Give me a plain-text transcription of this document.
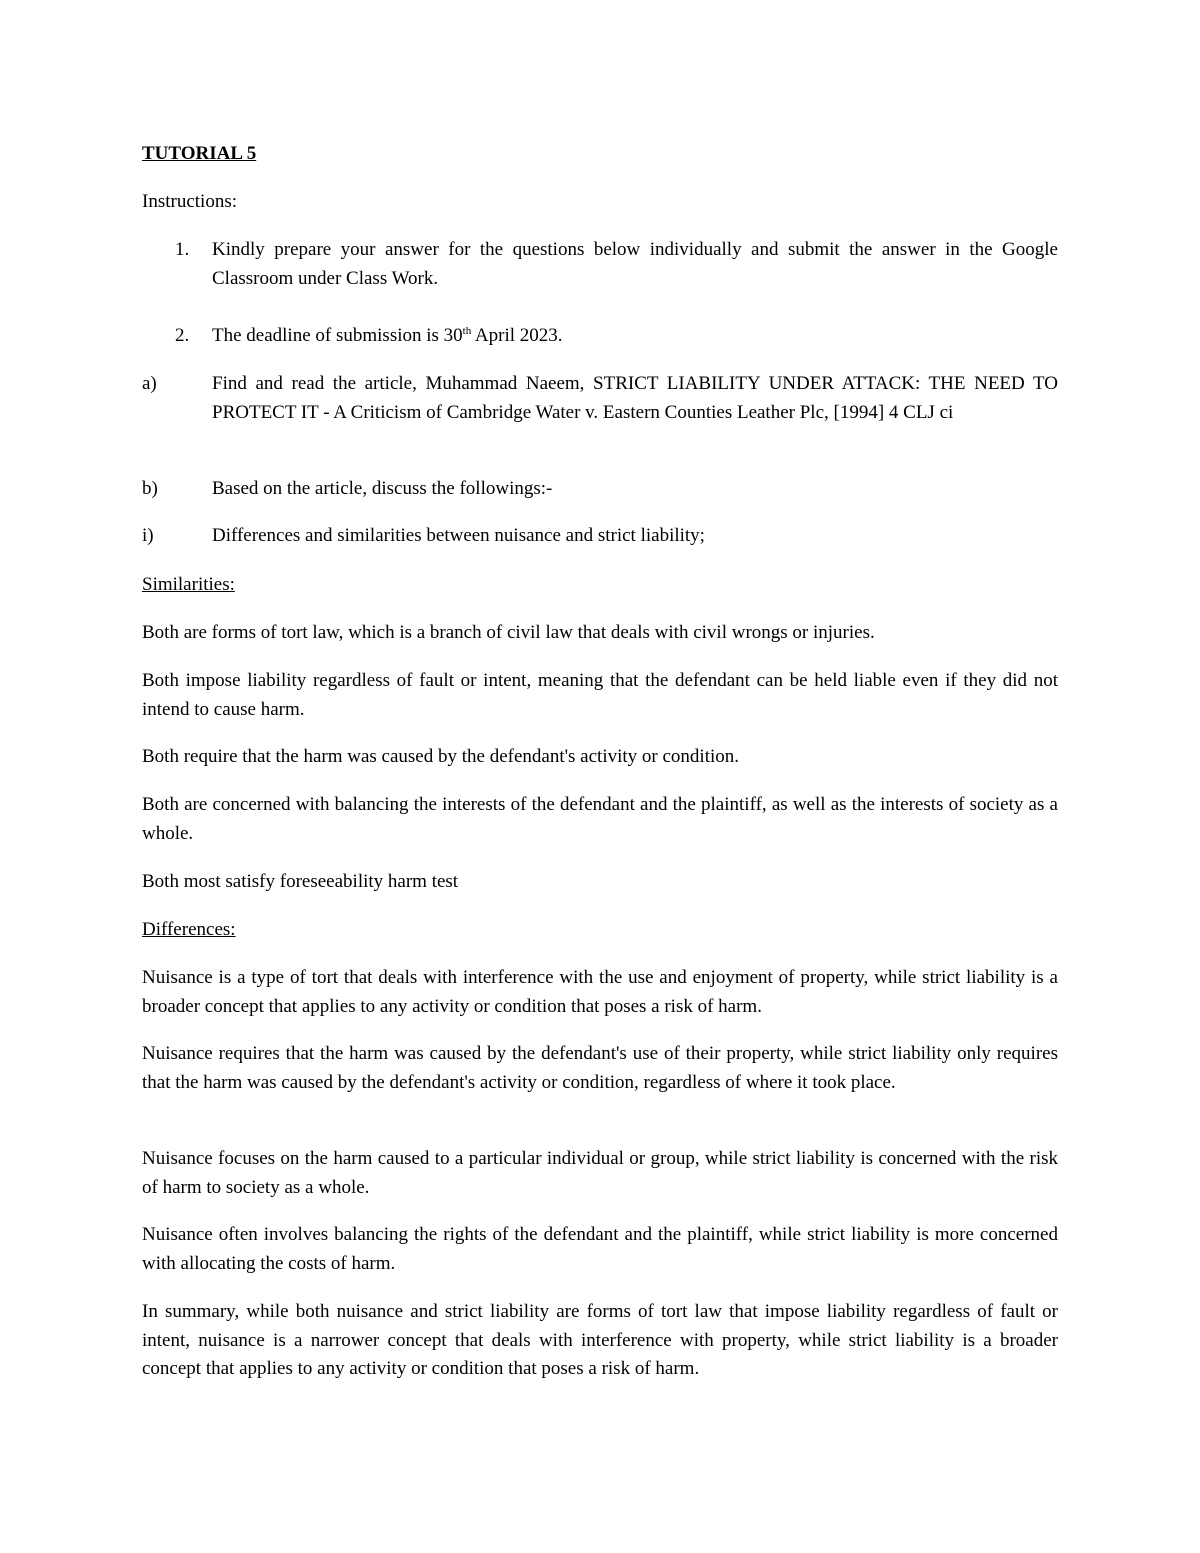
TUTORIAL 5

Instructions:

1.	Kindly prepare your answer for the questions below individually and submit the answer in the Google Classroom under Class Work.
2.	The deadline of submission is 30th April 2023.
a)	Find and read the article, Muhammad Naeem, STRICT LIABILITY UNDER ATTACK: THE NEED TO PROTECT IT - A Criticism of Cambridge Water v. Eastern Counties Leather Plc, [1994] 4 CLJ ci
b)	Based on the article, discuss the followings:-
i)	Differences and similarities between nuisance and strict liability;

Similarities:

Both are forms of tort law, which is a branch of civil law that deals with civil wrongs or injuries.

Both impose liability regardless of fault or intent, meaning that the defendant can be held liable even if they did not intend to cause harm.

Both require that the harm was caused by the defendant's activity or condition.

Both are concerned with balancing the interests of the defendant and the plaintiff, as well as the interests of society as a whole.

Both most satisfy foreseeability harm test

Differences:

Nuisance is a type of tort that deals with interference with the use and enjoyment of property, while strict liability is a broader concept that applies to any activity or condition that poses a risk of harm.

Nuisance requires that the harm was caused by the defendant's use of their property, while strict liability only requires that the harm was caused by the defendant's activity or condition, regardless of where it took place.

Nuisance focuses on the harm caused to a particular individual or group, while strict liability is concerned with the risk of harm to society as a whole.

Nuisance often involves balancing the rights of the defendant and the plaintiff, while strict liability is more concerned with allocating the costs of harm.

In summary, while both nuisance and strict liability are forms of tort law that impose liability regardless of fault or intent, nuisance is a narrower concept that deals with interference with property, while strict liability is a broader concept that applies to any activity or condition that poses a risk of harm.
